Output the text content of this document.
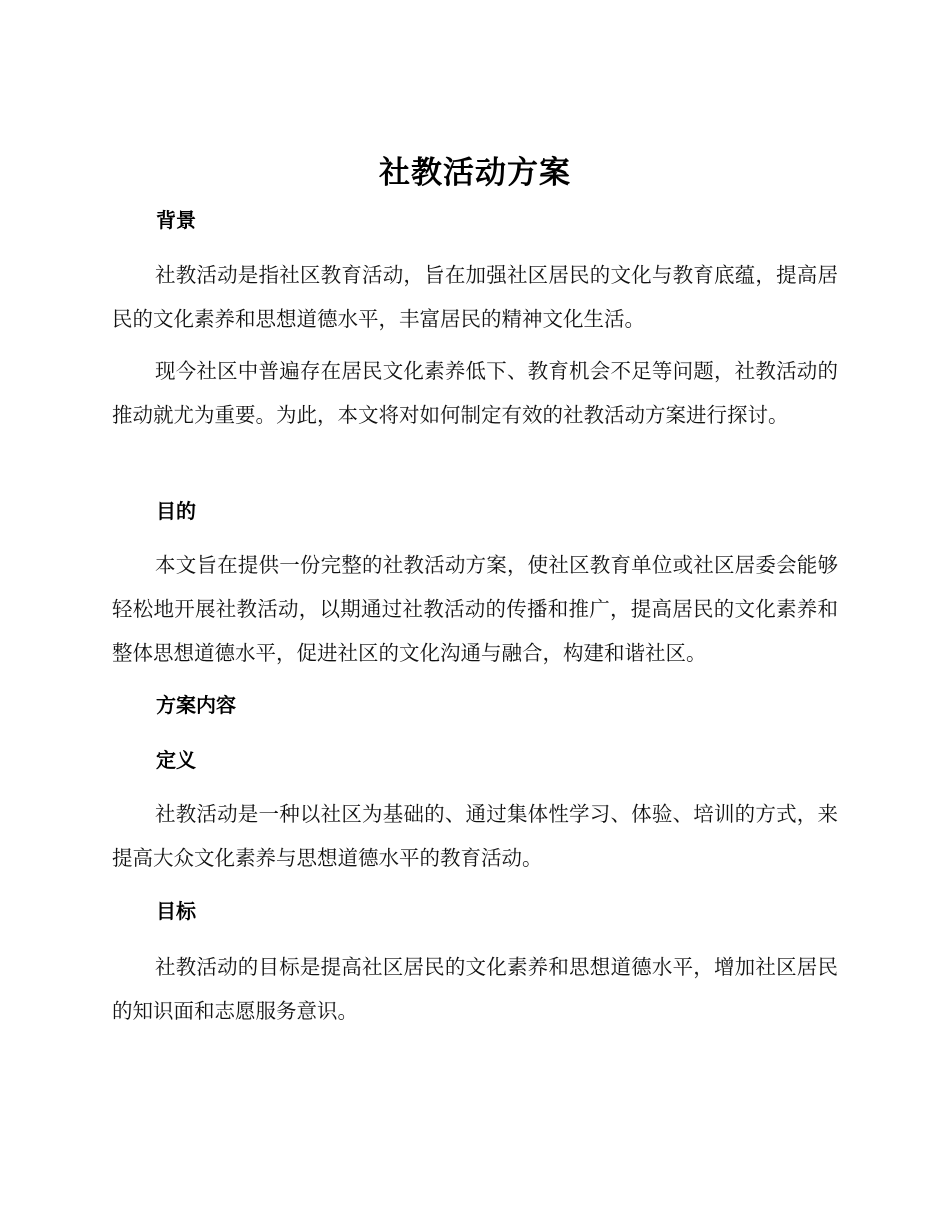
社教活动方案
背景
社教活动是指社区教育活动，旨在加强社区居民的文化与教育底蕴，提高居民的文化素养和思想道德水平，丰富居民的精神文化生活。
现今社区中普遍存在居民文化素养低下、教育机会不足等问题，社教活动的推动就尤为重要。为此，本文将对如何制定有效的社教活动方案进行探讨。
目的
本文旨在提供一份完整的社教活动方案，使社区教育单位或社区居委会能够轻松地开展社教活动，以期通过社教活动的传播和推广，提高居民的文化素养和整体思想道德水平，促进社区的文化沟通与融合，构建和谐社区。
方案内容
定义
社教活动是一种以社区为基础的、通过集体性学习、体验、培训的方式，来提高大众文化素养与思想道德水平的教育活动。
目标
社教活动的目标是提高社区居民的文化素养和思想道德水平，增加社区居民的知识面和志愿服务意识。
